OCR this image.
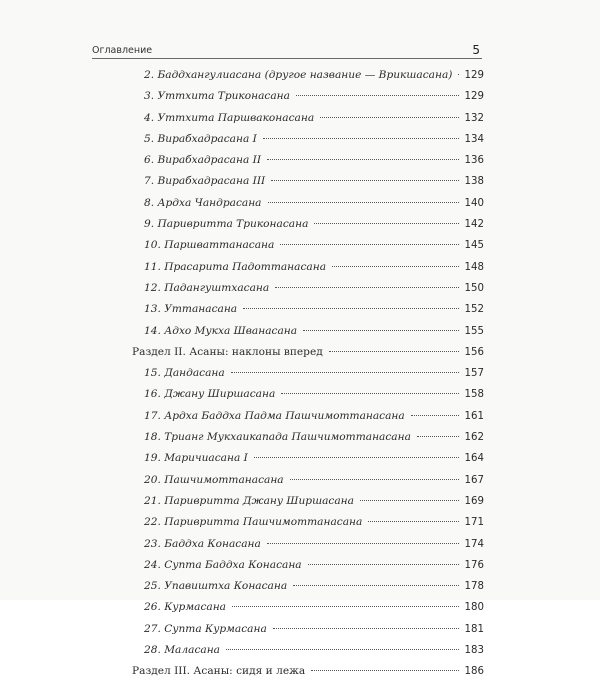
Оглавление	5
2. Баддхангулиасана (другое название — Врикшасана) 129
3. Уттхита Триконасана	129
4. Уттхита Паршваконасана	132
5. Вирабхадрасана I	134
6. Вирабхадрасана II	136
7. Вирабхадрасана III	138
8. Ардха Чандрасана	140
9. Паривритта Триконасана	142
10. Паршваттанасана	145
11. Прасарита Падоттанасана	148
12. Падангуштхасана	150
13. Уттанасана	152
14. Адхо Мукха Шванасана	155
Раздел II. Асаны: наклоны вперед	156
15. Дандасана	157
16. Джану Ширшасана	158
17. Ардха Баддха Падма Пашчимоттанасана	161
18. Трианг Мукхаикапада Пашчимоттанасана	162
19. Маричиасана I	164
20. Пашчимоттанасана	167
21. Паривритта Джану Ширшасана	169
22. Паривритта Пашчимоттанасана	171
23. Баддха Конасана	174
24. Супта Баддха Конасана	176
25. Упавиштха Конасана	178
26. Курмасана	180
27. Супта Курмасана	181
28. Маласана	183
Раздел III. Асаны: сидя и лежа	186
